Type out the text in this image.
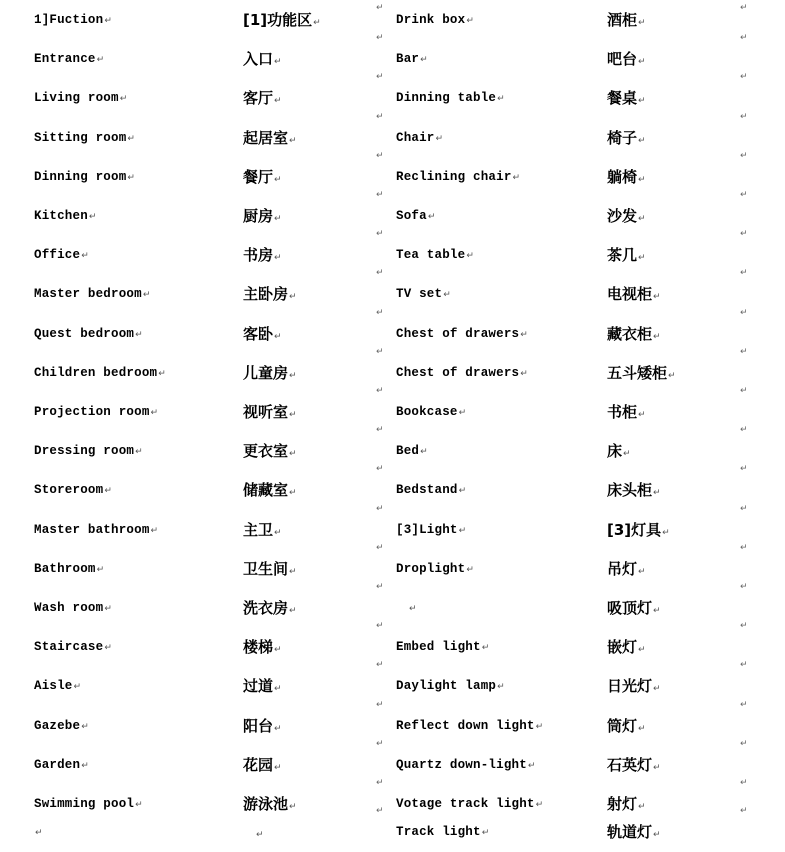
1]Fuction↵	[1]功能区↵	Drink box↵	酒柜↵
↵	↵
Entrance↵	入口↵	Bar↵	吧台↵
↵	↵
Living room↵	客厅↵	Dinning table↵	餐桌↵
↵	↵
Sitting room↵	起居室↵	Chair↵	椅子↵
↵	↵
Dinning room↵	餐厅↵	Reclining chair↵	躺椅↵
↵	↵
Kitchen↵	厨房↵	Sofa↵	沙发↵
↵	↵
Office↵	书房↵	Tea table↵	茶几↵
↵	↵
Master bedroom↵	主卧房↵	TV set↵	电视柜↵
↵	↵
Quest bedroom↵	客卧↵	Chest of drawers↵	藏衣柜↵
↵	↵
Children bedroom↵	儿童房↵	Chest of drawers↵	五斗矮柜↵
↵	↵
Projection room↵	视听室↵	Bookcase↵	书柜↵
↵	↵
Dressing room↵	更衣室↵	Bed↵	床↵
↵	↵
Storeroom↵	储藏室↵	Bedstand↵	床头柜↵
↵	↵
Master bathroom↵	主卫↵	[3]Light↵	[3]灯具↵
↵	↵
Bathroom↵	卫生间↵	Droplight↵	吊灯↵
↵	↵
Wash room↵	洗衣房↵	↵	吸顶灯↵
↵	↵
Staircase↵	楼梯↵	Embed light↵	嵌灯↵
↵	↵
Aisle↵	过道↵	Daylight lamp↵	日光灯↵
↵	↵
Gazebe↵	阳台↵	Reflect down light↵	筒灯↵
↵	↵
Garden↵	花园↵	Quartz down-light↵	石英灯↵
↵	↵
Swimming pool↵	游泳池↵	Votage track light↵	射灯↵
↵	↵
↵	↵	Track light↵	轨道灯↵
↵	↵
